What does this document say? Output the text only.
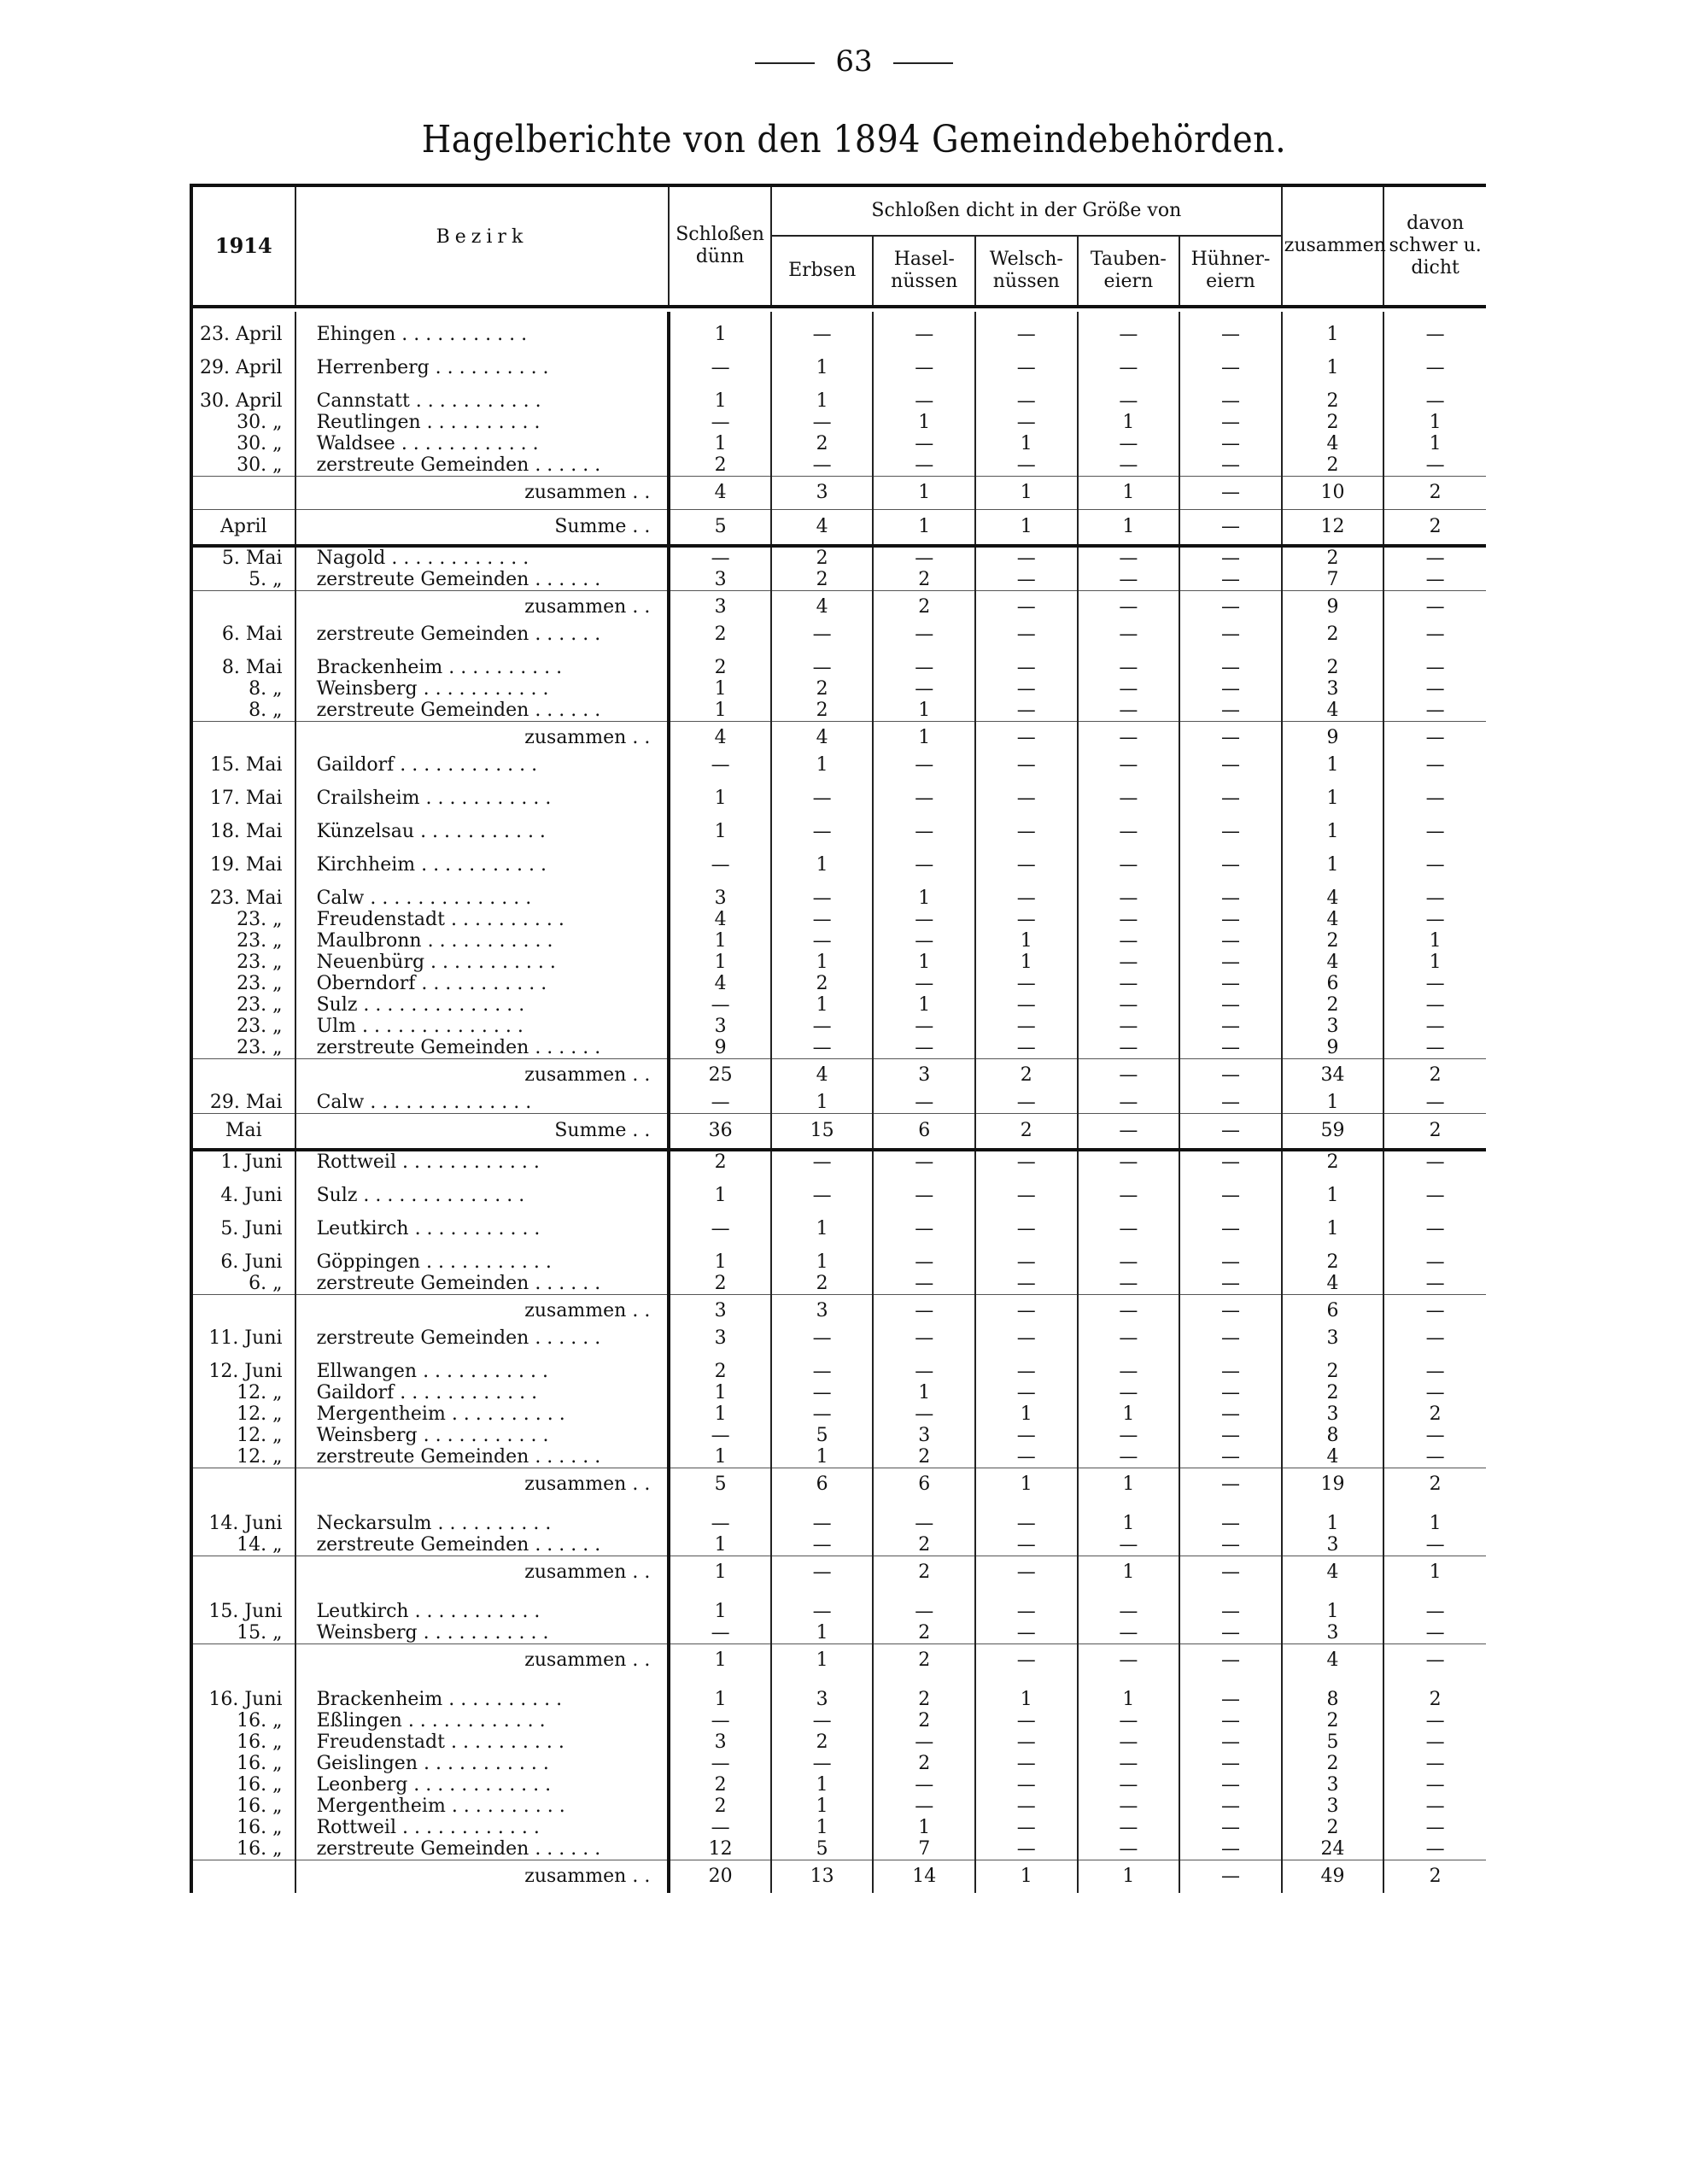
63
Hagelberichte von den 1894 Gemeindebehörden.
1914	Bezirk	Schloßen dünn	Schloßen dicht in der Größe von					zusammen	davon schwer u. dicht
			Erbsen	Hasel- nüssen	Welsch- nüssen	Tauben- eiern	Hühner- eiern		

23. April	Ehingen . . . . . . . . . . .	1	—	—	—	—	—	1	—

29. April	Herrenberg . . . . . . . . . .	—	1	—	—	—	—	1	—

30. April	Cannstatt . . . . . . . . . . .	1	1	—	—	—	—	2	—
30. „	Reutlingen . . . . . . . . . .	—	—	1	—	1	—	2	1
30. „	Waldsee . . . . . . . . . . . .	1	2	—	1	—	—	4	1
30. „	zerstreute Gemeinden . . . . . .	2	—	—	—	—	—	2	—
	zusammen . .	4	3	1	1	1	—	10	2
April	Summe . .	5	4	1	1	1	—	12	2
5. Mai	Nagold . . . . . . . . . . . .	—	2	—	—	—	—	2	—
5. „	zerstreute Gemeinden . . . . . .	3	2	2	—	—	—	7	—
	zusammen . .	3	4	2	—	—	—	9	—
6. Mai	zerstreute Gemeinden . . . . . .	2	—	—	—	—	—	2	—

8. Mai	Brackenheim . . . . . . . . . .	2	—	—	—	—	—	2	—
8. „	Weinsberg . . . . . . . . . . .	1	2	—	—	—	—	3	—
8. „	zerstreute Gemeinden . . . . . .	1	2	1	—	—	—	4	—
	zusammen . .	4	4	1	—	—	—	9	—
15. Mai	Gaildorf . . . . . . . . . . . .	—	1	—	—	—	—	1	—

17. Mai	Crailsheim . . . . . . . . . . .	1	—	—	—	—	—	1	—

18. Mai	Künzelsau . . . . . . . . . . .	1	—	—	—	—	—	1	—

19. Mai	Kirchheim . . . . . . . . . . .	—	1	—	—	—	—	1	—

23. Mai	Calw . . . . . . . . . . . . . .	3	—	1	—	—	—	4	—
23. „	Freudenstadt . . . . . . . . . .	4	—	—	—	—	—	4	—
23. „	Maulbronn . . . . . . . . . . .	1	—	—	1	—	—	2	1
23. „	Neuenbürg . . . . . . . . . . .	1	1	1	1	—	—	4	1
23. „	Oberndorf . . . . . . . . . . .	4	2	—	—	—	—	6	—
23. „	Sulz . . . . . . . . . . . . . .	—	1	1	—	—	—	2	—
23. „	Ulm . . . . . . . . . . . . . .	3	—	—	—	—	—	3	—
23. „	zerstreute Gemeinden . . . . . .	9	—	—	—	—	—	9	—
	zusammen . .	25	4	3	2	—	—	34	2
29. Mai	Calw . . . . . . . . . . . . . .	—	1	—	—	—	—	1	—
Mai	Summe . .	36	15	6	2	—	—	59	2
1. Juni	Rottweil . . . . . . . . . . . .	2	—	—	—	—	—	2	—

4. Juni	Sulz . . . . . . . . . . . . . .	1	—	—	—	—	—	1	—

5. Juni	Leutkirch . . . . . . . . . . .	—	1	—	—	—	—	1	—

6. Juni	Göppingen . . . . . . . . . . .	1	1	—	—	—	—	2	—
6. „	zerstreute Gemeinden . . . . . .	2	2	—	—	—	—	4	—
	zusammen . .	3	3	—	—	—	—	6	—
11. Juni	zerstreute Gemeinden . . . . . .	3	—	—	—	—	—	3	—

12. Juni	Ellwangen . . . . . . . . . . .	2	—	—	—	—	—	2	—
12. „	Gaildorf . . . . . . . . . . . .	1	—	1	—	—	—	2	—
12. „	Mergentheim . . . . . . . . . .	1	—	—	1	1	—	3	2
12. „	Weinsberg . . . . . . . . . . .	—	5	3	—	—	—	8	—
12. „	zerstreute Gemeinden . . . . . .	1	1	2	—	—	—	4	—
	zusammen . .	5	6	6	1	1	—	19	2

14. Juni	Neckarsulm . . . . . . . . . .	—	—	—	—	1	—	1	1
14. „	zerstreute Gemeinden . . . . . .	1	—	2	—	—	—	3	—
	zusammen . .	1	—	2	—	1	—	4	1

15. Juni	Leutkirch . . . . . . . . . . .	1	—	—	—	—	—	1	—
15. „	Weinsberg . . . . . . . . . . .	—	1	2	—	—	—	3	—
	zusammen . .	1	1	2	—	—	—	4	—

16. Juni	Brackenheim . . . . . . . . . .	1	3	2	1	1	—	8	2
16. „	Eßlingen . . . . . . . . . . . .	—	—	2	—	—	—	2	—
16. „	Freudenstadt . . . . . . . . . .	3	2	—	—	—	—	5	—
16. „	Geislingen . . . . . . . . . . .	—	—	2	—	—	—	2	—
16. „	Leonberg . . . . . . . . . . . .	2	1	—	—	—	—	3	—
16. „	Mergentheim . . . . . . . . . .	2	1	—	—	—	—	3	—
16. „	Rottweil . . . . . . . . . . . .	—	1	1	—	—	—	2	—
16. „	zerstreute Gemeinden . . . . . .	12	5	7	—	—	—	24	—
	zusammen . .	20	13	14	1	1	—	49	2
